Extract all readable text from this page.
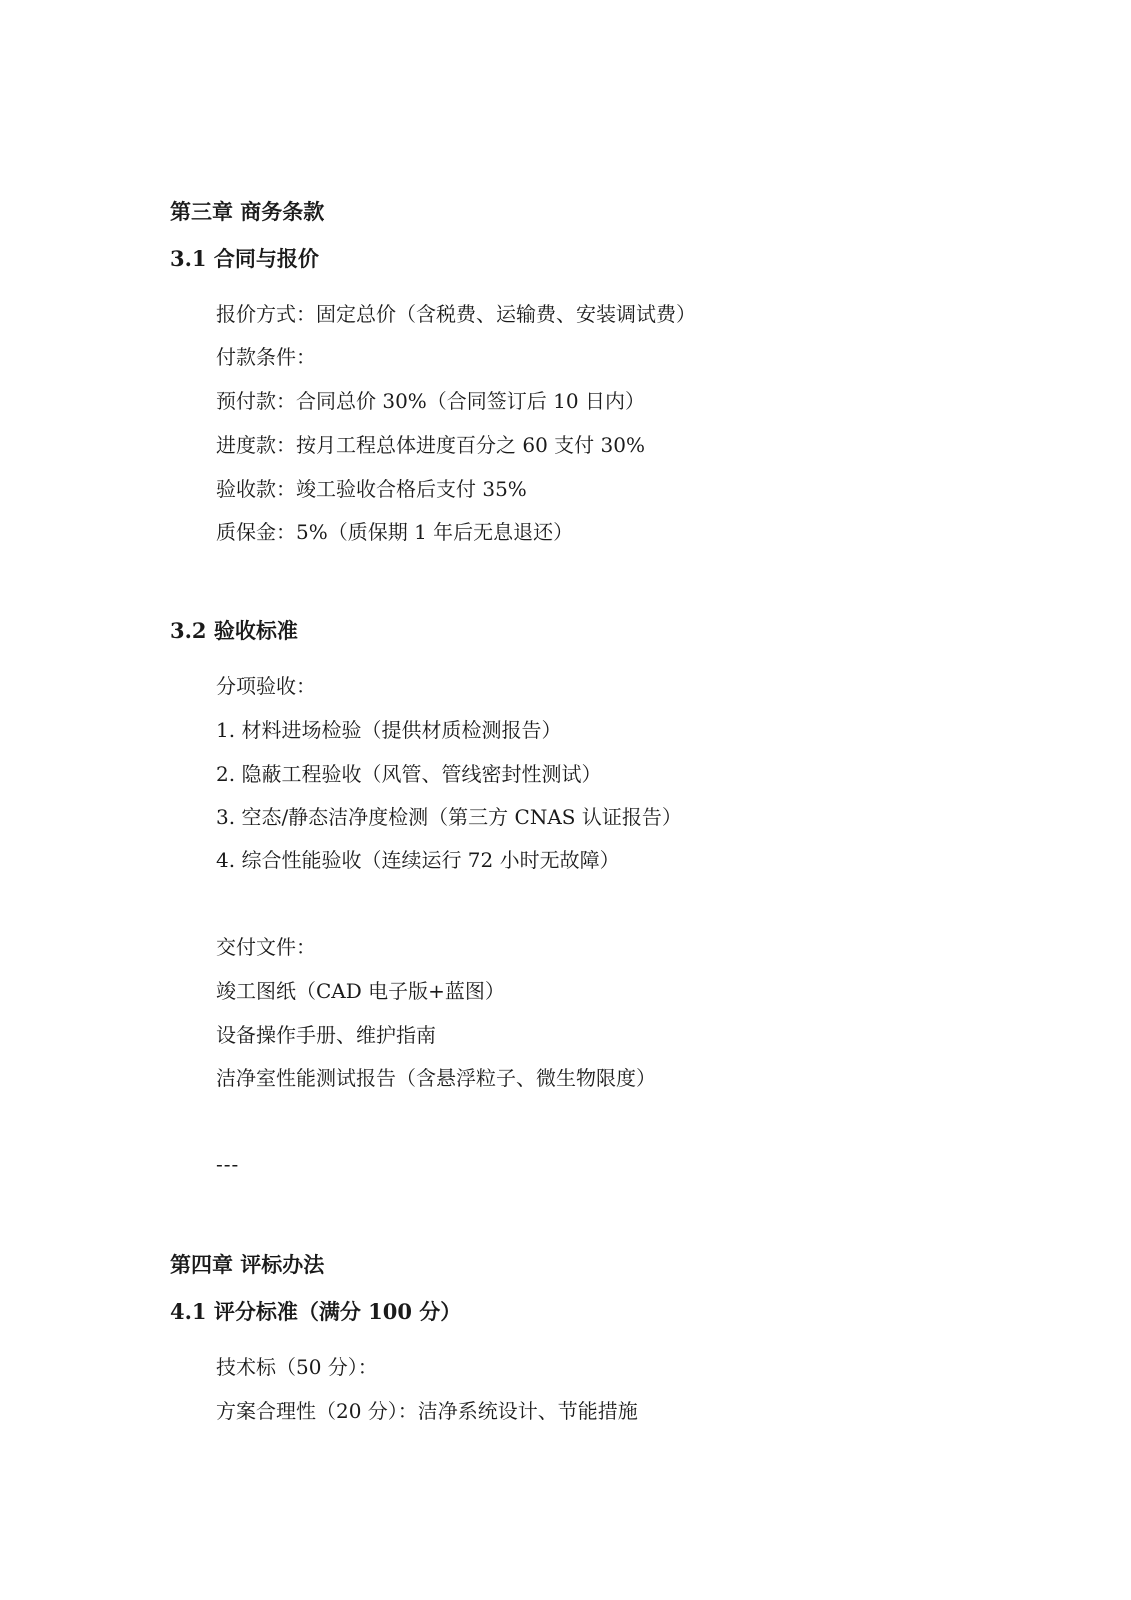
第三章 商务条款
3.1 合同与报价
报价方式：固定总价（含税费、运输费、安装调试费）
付款条件：
预付款：合同总价 30%（合同签订后 10 日内）
进度款：按月工程总体进度百分之 60 支付 30%
验收款：竣工验收合格后支付 35%
质保金：5%（质保期 1 年后无息退还）
3.2 验收标准
分项验收：
1. 材料进场检验（提供材质检测报告）
2. 隐蔽工程验收（风管、管线密封性测试）
3. 空态/静态洁净度检测（第三方 CNAS 认证报告）
4. 综合性能验收（连续运行 72 小时无故障）
交付文件：
竣工图纸（CAD 电子版+蓝图）
设备操作手册、维护指南
洁净室性能测试报告（含悬浮粒子、微生物限度）
---
第四章 评标办法
4.1 评分标准（满分 100 分）
技术标（50 分）：
方案合理性（20 分）：洁净系统设计、节能措施
